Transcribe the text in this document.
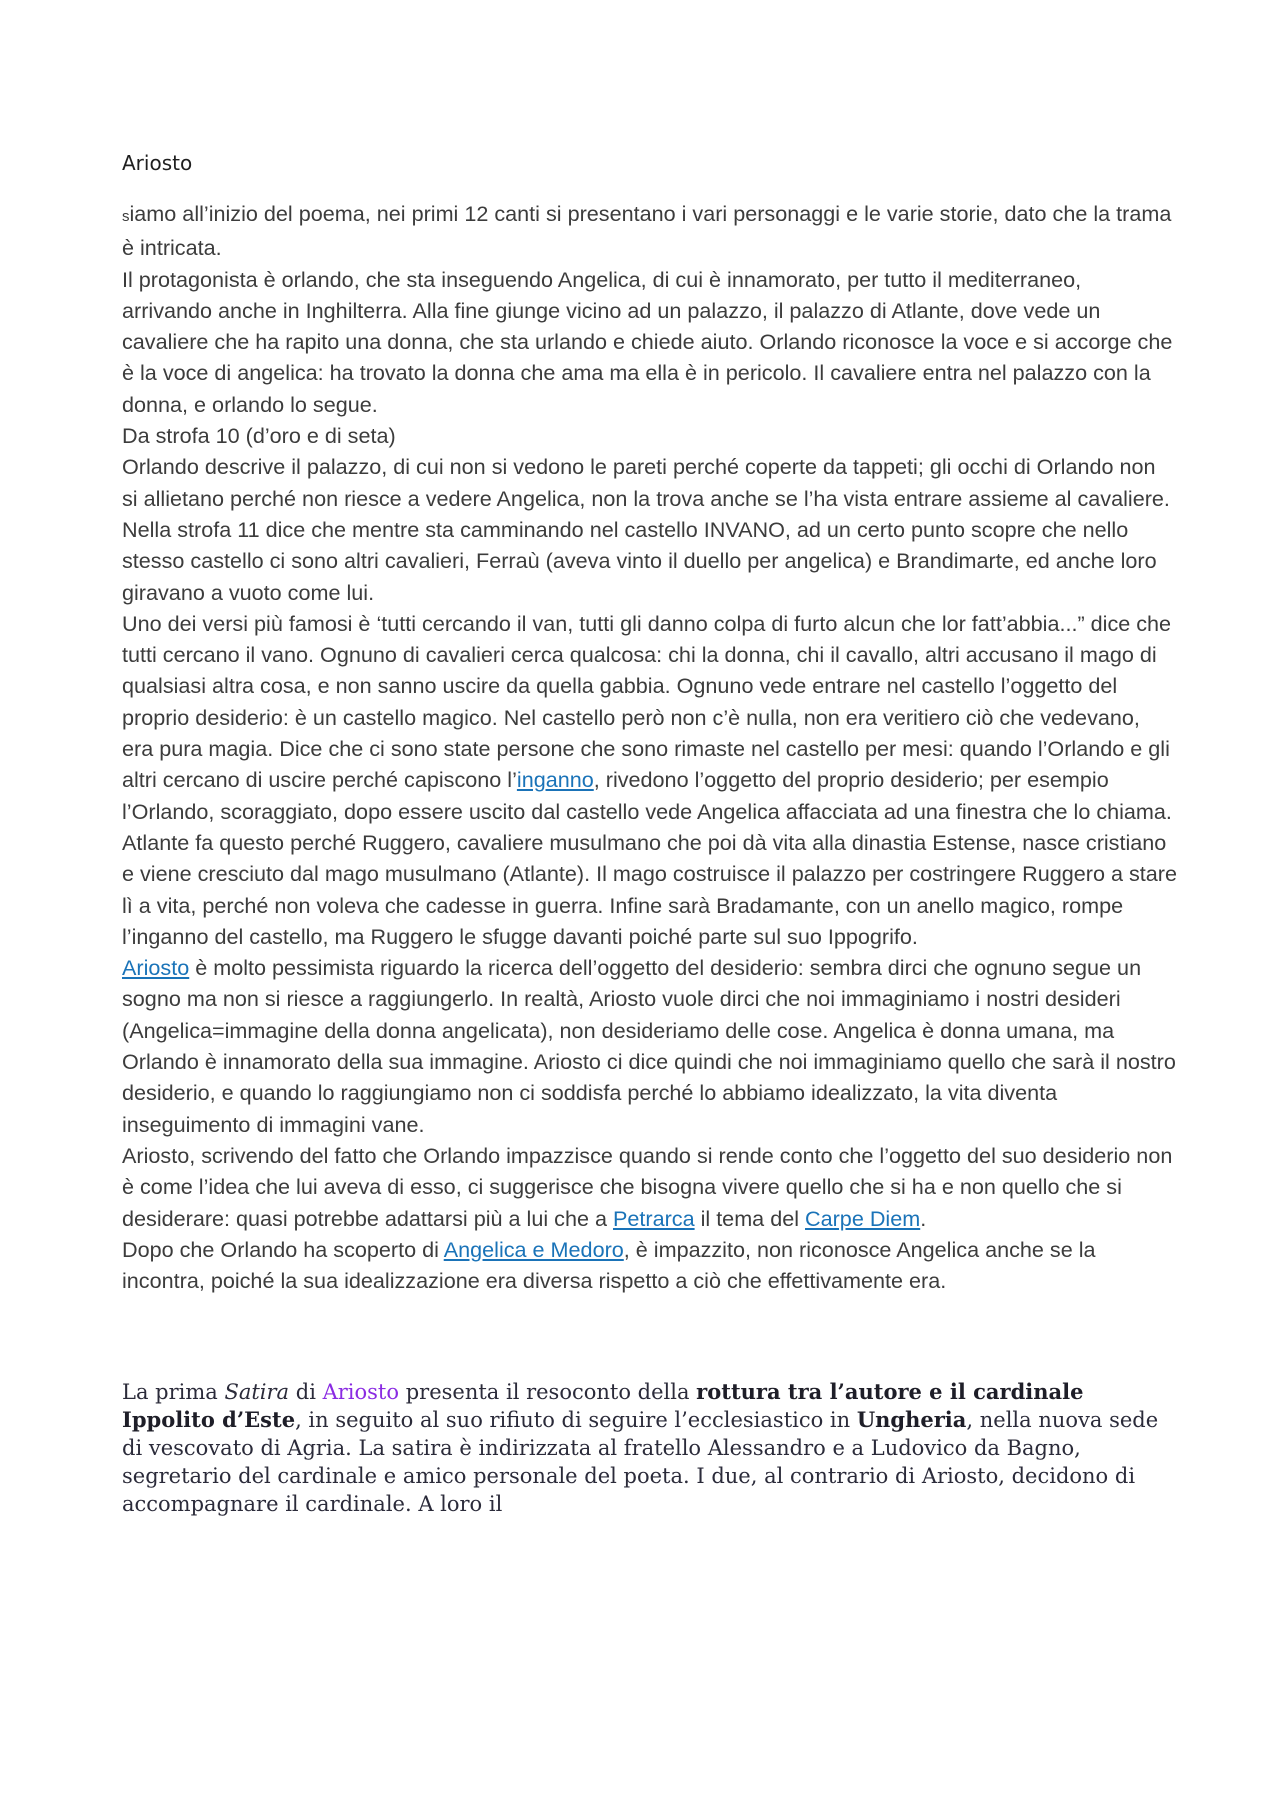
Ariosto

siamo all’inizio del poema, nei primi 12 canti si presentano i vari personaggi e le varie storie, dato che la trama è intricata.

Il protagonista è orlando, che sta inseguendo Angelica, di cui è innamorato, per tutto il mediterraneo, arrivando anche in Inghilterra. Alla fine giunge vicino ad un palazzo, il palazzo di Atlante, dove vede un cavaliere che ha rapito una donna, che sta urlando e chiede aiuto. Orlando riconosce la voce e si accorge che è la voce di angelica: ha trovato la donna che ama ma ella è in pericolo. Il cavaliere entra nel palazzo con la donna, e orlando lo segue.

Da strofa 10 (d’oro e di seta)

Orlando descrive il palazzo, di cui non si vedono le pareti perché coperte da tappeti; gli occhi di Orlando non si allietano perché non riesce a vedere Angelica, non la trova anche se l’ha vista entrare assieme al cavaliere.

Nella strofa 11 dice che mentre sta camminando nel castello INVANO, ad un certo punto scopre che nello stesso castello ci sono altri cavalieri, Ferraù (aveva vinto il duello per angelica) e Brandimarte, ed anche loro giravano a vuoto come lui.

Uno dei versi più famosi è ‘tutti cercando il van, tutti gli danno colpa di furto alcun che lor fatt’abbia...” dice che tutti cercano il vano. Ognuno di cavalieri cerca qualcosa: chi la donna, chi il cavallo, altri accusano il mago di qualsiasi altra cosa, e non sanno uscire da quella gabbia. Ognuno vede entrare nel castello l’oggetto del proprio desiderio: è un castello magico. Nel castello però non c’è nulla, non era veritiero ciò che vedevano, era pura magia. Dice che ci sono state persone che sono rimaste nel castello per mesi: quando l’Orlando e gli altri cercano di uscire perché capiscono l’inganno, rivedono l’oggetto del proprio desiderio; per esempio l’Orlando, scoraggiato, dopo essere uscito dal castello vede Angelica affacciata ad una finestra che lo chiama.

Atlante fa questo perché Ruggero, cavaliere musulmano che poi dà vita alla dinastia Estense, nasce cristiano e viene cresciuto dal mago musulmano (Atlante). Il mago costruisce il palazzo per costringere Ruggero a stare lì a vita, perché non voleva che cadesse in guerra. Infine sarà Bradamante, con un anello magico, rompe l’inganno del castello, ma Ruggero le sfugge davanti poiché parte sul suo Ippogrifo.

Ariosto è molto pessimista riguardo la ricerca dell’oggetto del desiderio: sembra dirci che ognuno segue un sogno ma non si riesce a raggiungerlo. In realtà, Ariosto vuole dirci che noi immaginiamo i nostri desideri (Angelica=immagine della donna angelicata), non desideriamo delle cose. Angelica è donna umana, ma Orlando è innamorato della sua immagine. Ariosto ci dice quindi che noi immaginiamo quello che sarà il nostro desiderio, e quando lo raggiungiamo non ci soddisfa perché lo abbiamo idealizzato, la vita diventa inseguimento di immagini vane.

Ariosto, scrivendo del fatto che Orlando impazzisce quando si rende conto che l’oggetto del suo desiderio non è come l’idea che lui aveva di esso, ci suggerisce che bisogna vivere quello che si ha e non quello che si desiderare: quasi potrebbe adattarsi più a lui che a Petrarca il tema del Carpe Diem.

Dopo che Orlando ha scoperto di Angelica e Medoro, è impazzito, non riconosce Angelica anche se la incontra, poiché la sua idealizzazione era diversa rispetto a ciò che effettivamente era.

La prima Satira di Ariosto presenta il resoconto della rottura tra l’autore e il cardinale Ippolito d’Este, in seguito al suo rifiuto di seguire l’ecclesiastico in Ungheria, nella nuova sede di vescovato di Agria. La satira è indirizzata al fratello Alessandro e a Ludovico da Bagno, segretario del cardinale e amico personale del poeta. I due, al contrario di Ariosto, decidono di accompagnare il cardinale. A loro il
